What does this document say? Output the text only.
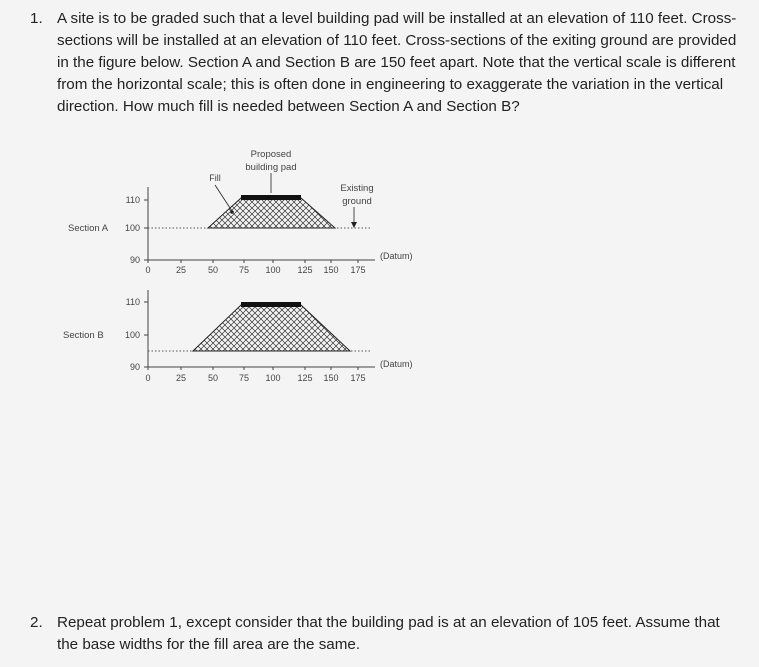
1. A site is to be graded such that a level building pad will be installed at an elevation of 110 feet. Cross-sections will be installed at an elevation of 110 feet. Cross-sections of the exiting ground are provided in the figure below. Section A and Section B are 150 feet apart. Note that the vertical scale is different from the horizontal scale; this is often done in engineering to exaggerate the variation in the vertical direction. How much fill is needed between Section A and Section B?
110
100
90
Section A
(Datum)
0	25 50 75 100 125 150 175
Fill
Proposed
building pad
Existing
ground
110
100
90
Section B
(Datum)
0	25 50 75 100 125 150 175
2. Repeat problem 1, except consider that the building pad is at an elevation of 105 feet. Assume that the base widths for the fill area are the same.
